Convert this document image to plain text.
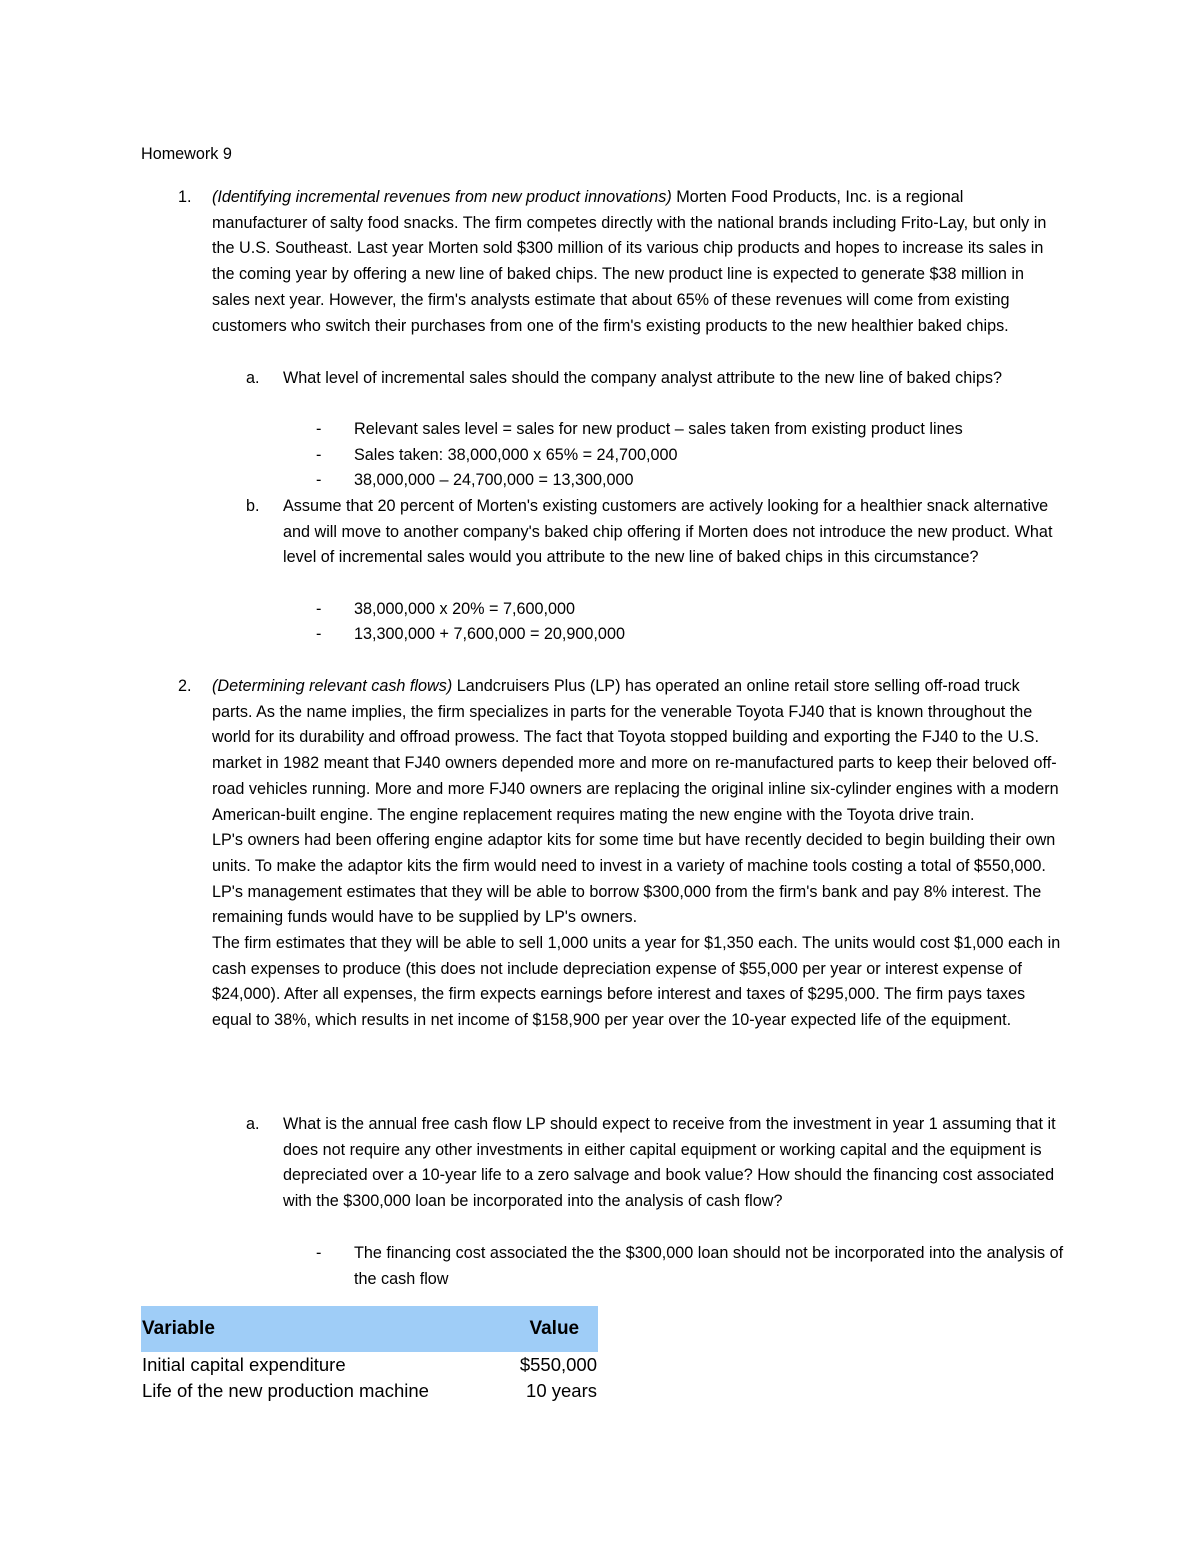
Homework 9
1. (Identifying incremental revenues from new product innovations) Morten Food Products, Inc. is a regional manufacturer of salty food snacks. The firm competes directly with the national brands including Frito-Lay, but only in the U.S. Southeast. Last year Morten sold $300 million of its various chip products and hopes to increase its sales in the coming year by offering a new line of baked chips. The new product line is expected to generate $38 million in sales next year. However, the firm's analysts estimate that about 65% of these revenues will come from existing customers who switch their purchases from one of the firm's existing products to the new healthier baked chips.

a. What level of incremental sales should the company analyst attribute to the new line of baked chips?
- Relevant sales level = sales for new product – sales taken from existing product lines
- Sales taken: 38,000,000 x 65% = 24,700,000
- 38,000,000 – 24,700,000 = 13,300,000
b. Assume that 20 percent of Morten's existing customers are actively looking for a healthier snack alternative and will move to another company's baked chip offering if Morten does not introduce the new product. What level of incremental sales would you attribute to the new line of baked chips in this circumstance?
- 38,000,000 x 20% = 7,600,000
- 13,300,000 + 7,600,000 = 20,900,000
2. (Determining relevant cash flows) Landcruisers Plus (LP) has operated an online retail store selling off-road truck parts. As the name implies, the firm specializes in parts for the venerable Toyota FJ40 that is known throughout the world for its durability and offroad prowess. The fact that Toyota stopped building and exporting the FJ40 to the U.S. market in 1982 meant that FJ40 owners depended more and more on re-manufactured parts to keep their beloved off-road vehicles running. More and more FJ40 owners are replacing the original inline six-cylinder engines with a modern American-built engine. The engine replacement requires mating the new engine with the Toyota drive train.

LP's owners had been offering engine adaptor kits for some time but have recently decided to begin building their own units. To make the adaptor kits the firm would need to invest in a variety of machine tools costing a total of $550,000.

LP's management estimates that they will be able to borrow $300,000 from the firm's bank and pay 8% interest. The remaining funds would have to be supplied by LP's owners.

The firm estimates that they will be able to sell 1,000 units a year for $1,350 each. The units would cost $1,000 each in cash expenses to produce (this does not include depreciation expense of $55,000 per year or interest expense of $24,000). After all expenses, the firm expects earnings before interest and taxes of $295,000. The firm pays taxes equal to 38%, which results in net income of $158,900 per year over the 10-year expected life of the equipment.

a. What is the annual free cash flow LP should expect to receive from the investment in year 1 assuming that it does not require any other investments in either capital equipment or working capital and the equipment is depreciated over a 10-year life to a zero salvage and book value? How should the financing cost associated with the $300,000 loan be incorporated into the analysis of cash flow?
- The financing cost associated the the $300,000 loan should not be incorporated into the analysis of the cash flow
Variable	Value
Initial capital expenditure	$550,000
Life of the new production machine	10 years
